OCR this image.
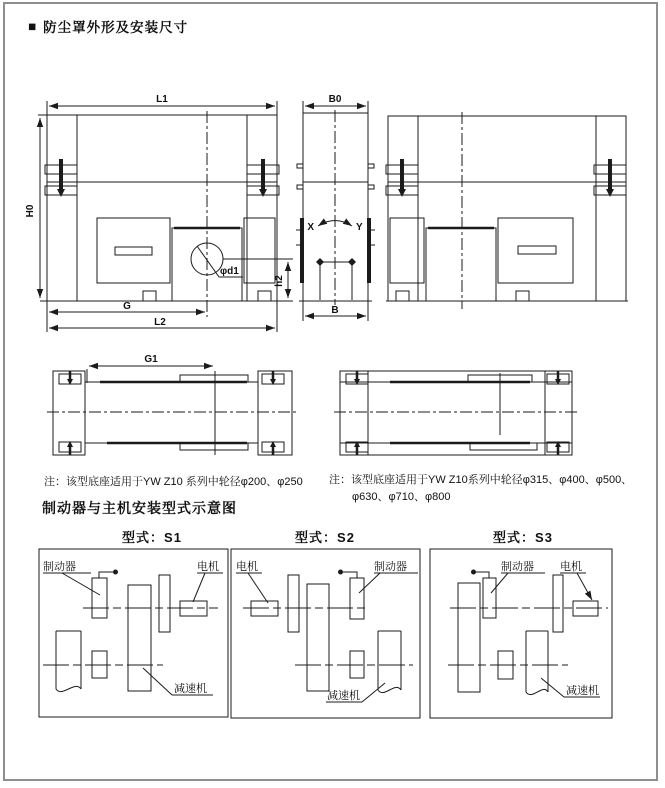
■ 防尘罩外形及安装尺寸
L1
H0
φd1
h2
G
L2
B0
X	Y
B
G1
注：该型底座适用于YW Z10 系列中轮径φ200、φ250 注：该型底座适用于YW Z10系列中轮径φ315、φ400、φ500、
φ630、φ710、φ800
制动器与主机安装型式示意图
型式：S1
制动器	电机
减速机
型式：S2
电机	制动器
减速机
型式：S3
制动器 电机
减速机
